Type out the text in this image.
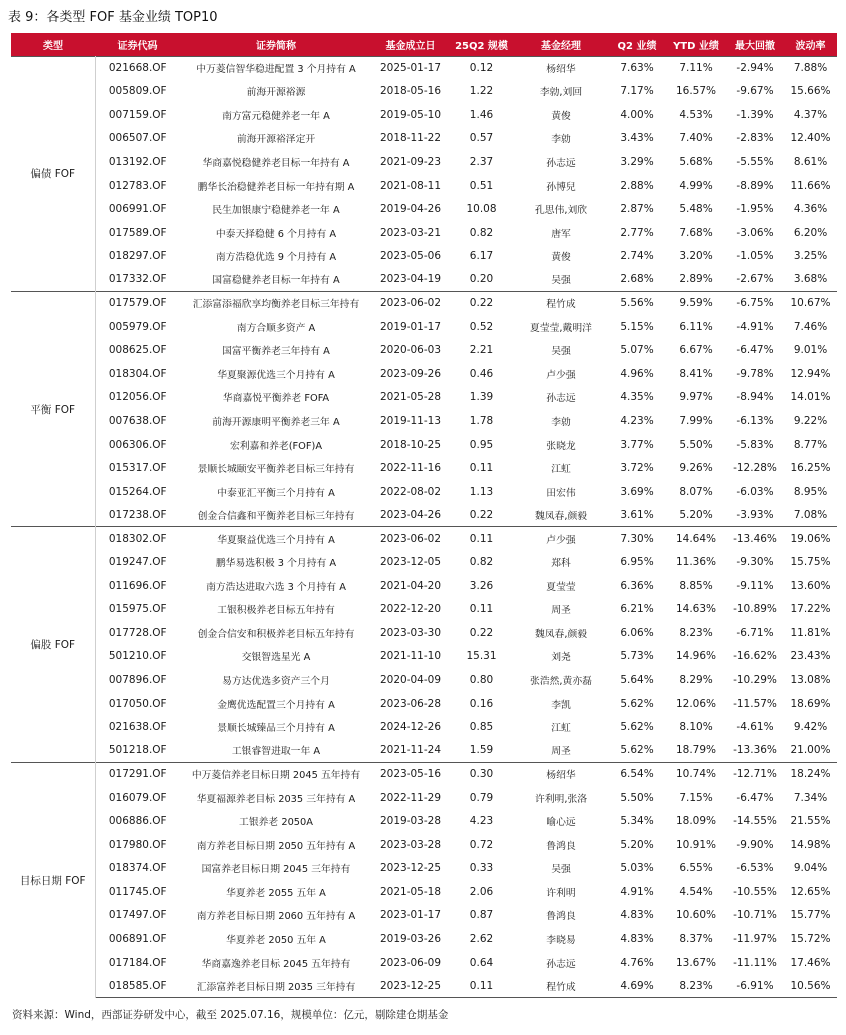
表 9：各类型 FOF 基金业绩 TOP10
类型	证券代码	证券简称	基金成立日	25Q2 规模	基金经理	Q2 业绩	YTD 业绩	最大回撤	波动率
偏债 FOF	021668.OF	中万菱信智华稳进配置 3 个月持有 A	2025-01-17	0.12	杨绍华	7.63%	7.11%	-2.94%	7.88%
	005809.OF	前海开源裕源	2018-05-16	1.22	李勍,刘回	7.17%	16.57%	-9.67%	15.66%
	007159.OF	南方富元稳健养老一年 A	2019-05-10	1.46	黄俊	4.00%	4.53%	-1.39%	4.37%
	006507.OF	前海开源裕泽定开	2018-11-22	0.57	李勍	3.43%	7.40%	-2.83%	12.40%
	013192.OF	华商嘉悦稳健养老目标一年持有 A	2021-09-23	2.37	孙志远	3.29%	5.68%	-5.55%	8.61%
	012783.OF	鹏华长治稳健养老目标一年持有期 A	2021-08-11	0.51	孙博兒	2.88%	4.99%	-8.89%	11.66%
	006991.OF	民生加银康宁稳健养老一年 A	2019-04-26	10.08	孔思伟,刘欣	2.87%	5.48%	-1.95%	4.36%
	017589.OF	中泰天择稳健 6 个月持有 A	2023-03-21	0.82	唐军	2.77%	7.68%	-3.06%	6.20%
	018297.OF	南方浩稳优选 9 个月持有 A	2023-05-06	6.17	黄俊	2.74%	3.20%	-1.05%	3.25%
	017332.OF	国富稳健养老目标一年持有 A	2023-04-19	0.20	吴强	2.68%	2.89%	-2.67%	3.68%
平衡 FOF	017579.OF	汇添富添福欣享均衡养老目标三年持有	2023-06-02	0.22	程竹成	5.56%	9.59%	-6.75%	10.67%
	005979.OF	南方合顺多资产 A	2019-01-17	0.52	夏莹莹,戴明洋	5.15%	6.11%	-4.91%	7.46%
	008625.OF	国富平衡养老三年持有 A	2020-06-03	2.21	吴强	5.07%	6.67%	-6.47%	9.01%
	018304.OF	华夏聚源优选三个月持有 A	2023-09-26	0.46	卢少强	4.96%	8.41%	-9.78%	12.94%
	012056.OF	华商嘉悦平衡养老 FOFA	2021-05-28	1.39	孙志远	4.35%	9.97%	-8.94%	14.01%
	007638.OF	前海开源康明平衡养老三年 A	2019-11-13	1.78	李勍	4.23%	7.99%	-6.13%	9.22%
	006306.OF	宏利嘉和养老(FOF)A	2018-10-25	0.95	张晓龙	3.77%	5.50%	-5.83%	8.77%
	015317.OF	景顺长城颐安平衡养老目标三年持有	2022-11-16	0.11	江虹	3.72%	9.26%	-12.28%	16.25%
	015264.OF	中泰亚汇平衡三个月持有 A	2022-08-02	1.13	田宏伟	3.69%	8.07%	-6.03%	8.95%
	017238.OF	创金合信鑫和平衡养老目标三年持有	2023-04-26	0.22	魏凤春,颜毅	3.61%	5.20%	-3.93%	7.08%
偏股 FOF	018302.OF	华夏聚益优选三个月持有 A	2023-06-02	0.11	卢少强	7.30%	14.64%	-13.46%	19.06%
	019247.OF	鹏华易选积极 3 个月持有 A	2023-12-05	0.82	郑科	6.95%	11.36%	-9.30%	15.75%
	011696.OF	南方浩达进取六选 3 个月持有 A	2021-04-20	3.26	夏莹莹	6.36%	8.85%	-9.11%	13.60%
	015975.OF	工银积极养老目标五年持有	2022-12-20	0.11	周圣	6.21%	14.63%	-10.89%	17.22%
	017728.OF	创金合信安和积极养老目标五年持有	2023-03-30	0.22	魏凤春,颜毅	6.06%	8.23%	-6.71%	11.81%
	501210.OF	交银智选星光 A	2021-11-10	15.31	刘尧	5.73%	14.96%	-16.62%	23.43%
	007896.OF	易方达优选多资产三个月	2020-04-09	0.80	张浩然,黄亦磊	5.64%	8.29%	-10.29%	13.08%
	017050.OF	金鹰优选配置三个月持有 A	2023-06-28	0.16	李凯	5.62%	12.06%	-11.57%	18.69%
	021638.OF	景顺长城臻品三个月持有 A	2024-12-26	0.85	江虹	5.62%	8.10%	-4.61%	9.42%
	501218.OF	工银睿智进取一年 A	2021-11-24	1.59	周圣	5.62%	18.79%	-13.36%	21.00%
目标日期 FOF	017291.OF	中万菱信养老目标日期 2045 五年持有	2023-05-16	0.30	杨绍华	6.54%	10.74%	-12.71%	18.24%
	016079.OF	华夏福源养老目标 2035 三年持有 A	2022-11-29	0.79	许利明,张洛	5.50%	7.15%	-6.47%	7.34%
	006886.OF	工银养老 2050A	2019-03-28	4.23	喻心远	5.34%	18.09%	-14.55%	21.55%
	017980.OF	南方养老目标日期 2050 五年持有 A	2023-03-28	0.72	鲁鸿良	5.20%	10.91%	-9.90%	14.98%
	018374.OF	国富养老目标日期 2045 三年持有	2023-12-25	0.33	吴强	5.03%	6.55%	-6.53%	9.04%
	011745.OF	华夏养老 2055 五年 A	2021-05-18	2.06	许利明	4.91%	4.54%	-10.55%	12.65%
	017497.OF	南方养老目标日期 2060 五年持有 A	2023-01-17	0.87	鲁鸿良	4.83%	10.60%	-10.71%	15.77%
	006891.OF	华夏养老 2050 五年 A	2019-03-26	2.62	李晓易	4.83%	8.37%	-11.97%	15.72%
	017184.OF	华商嘉逸养老目标 2045 五年持有	2023-06-09	0.64	孙志远	4.76%	13.67%	-11.11%	17.46%
	018585.OF	汇添富养老目标日期 2035 三年持有	2023-12-25	0.11	程竹成	4.69%	8.23%	-6.91%	10.56%
资料来源：Wind，西部证券研发中心，截至 2025.07.16，规模单位：亿元，剔除建仓期基金
